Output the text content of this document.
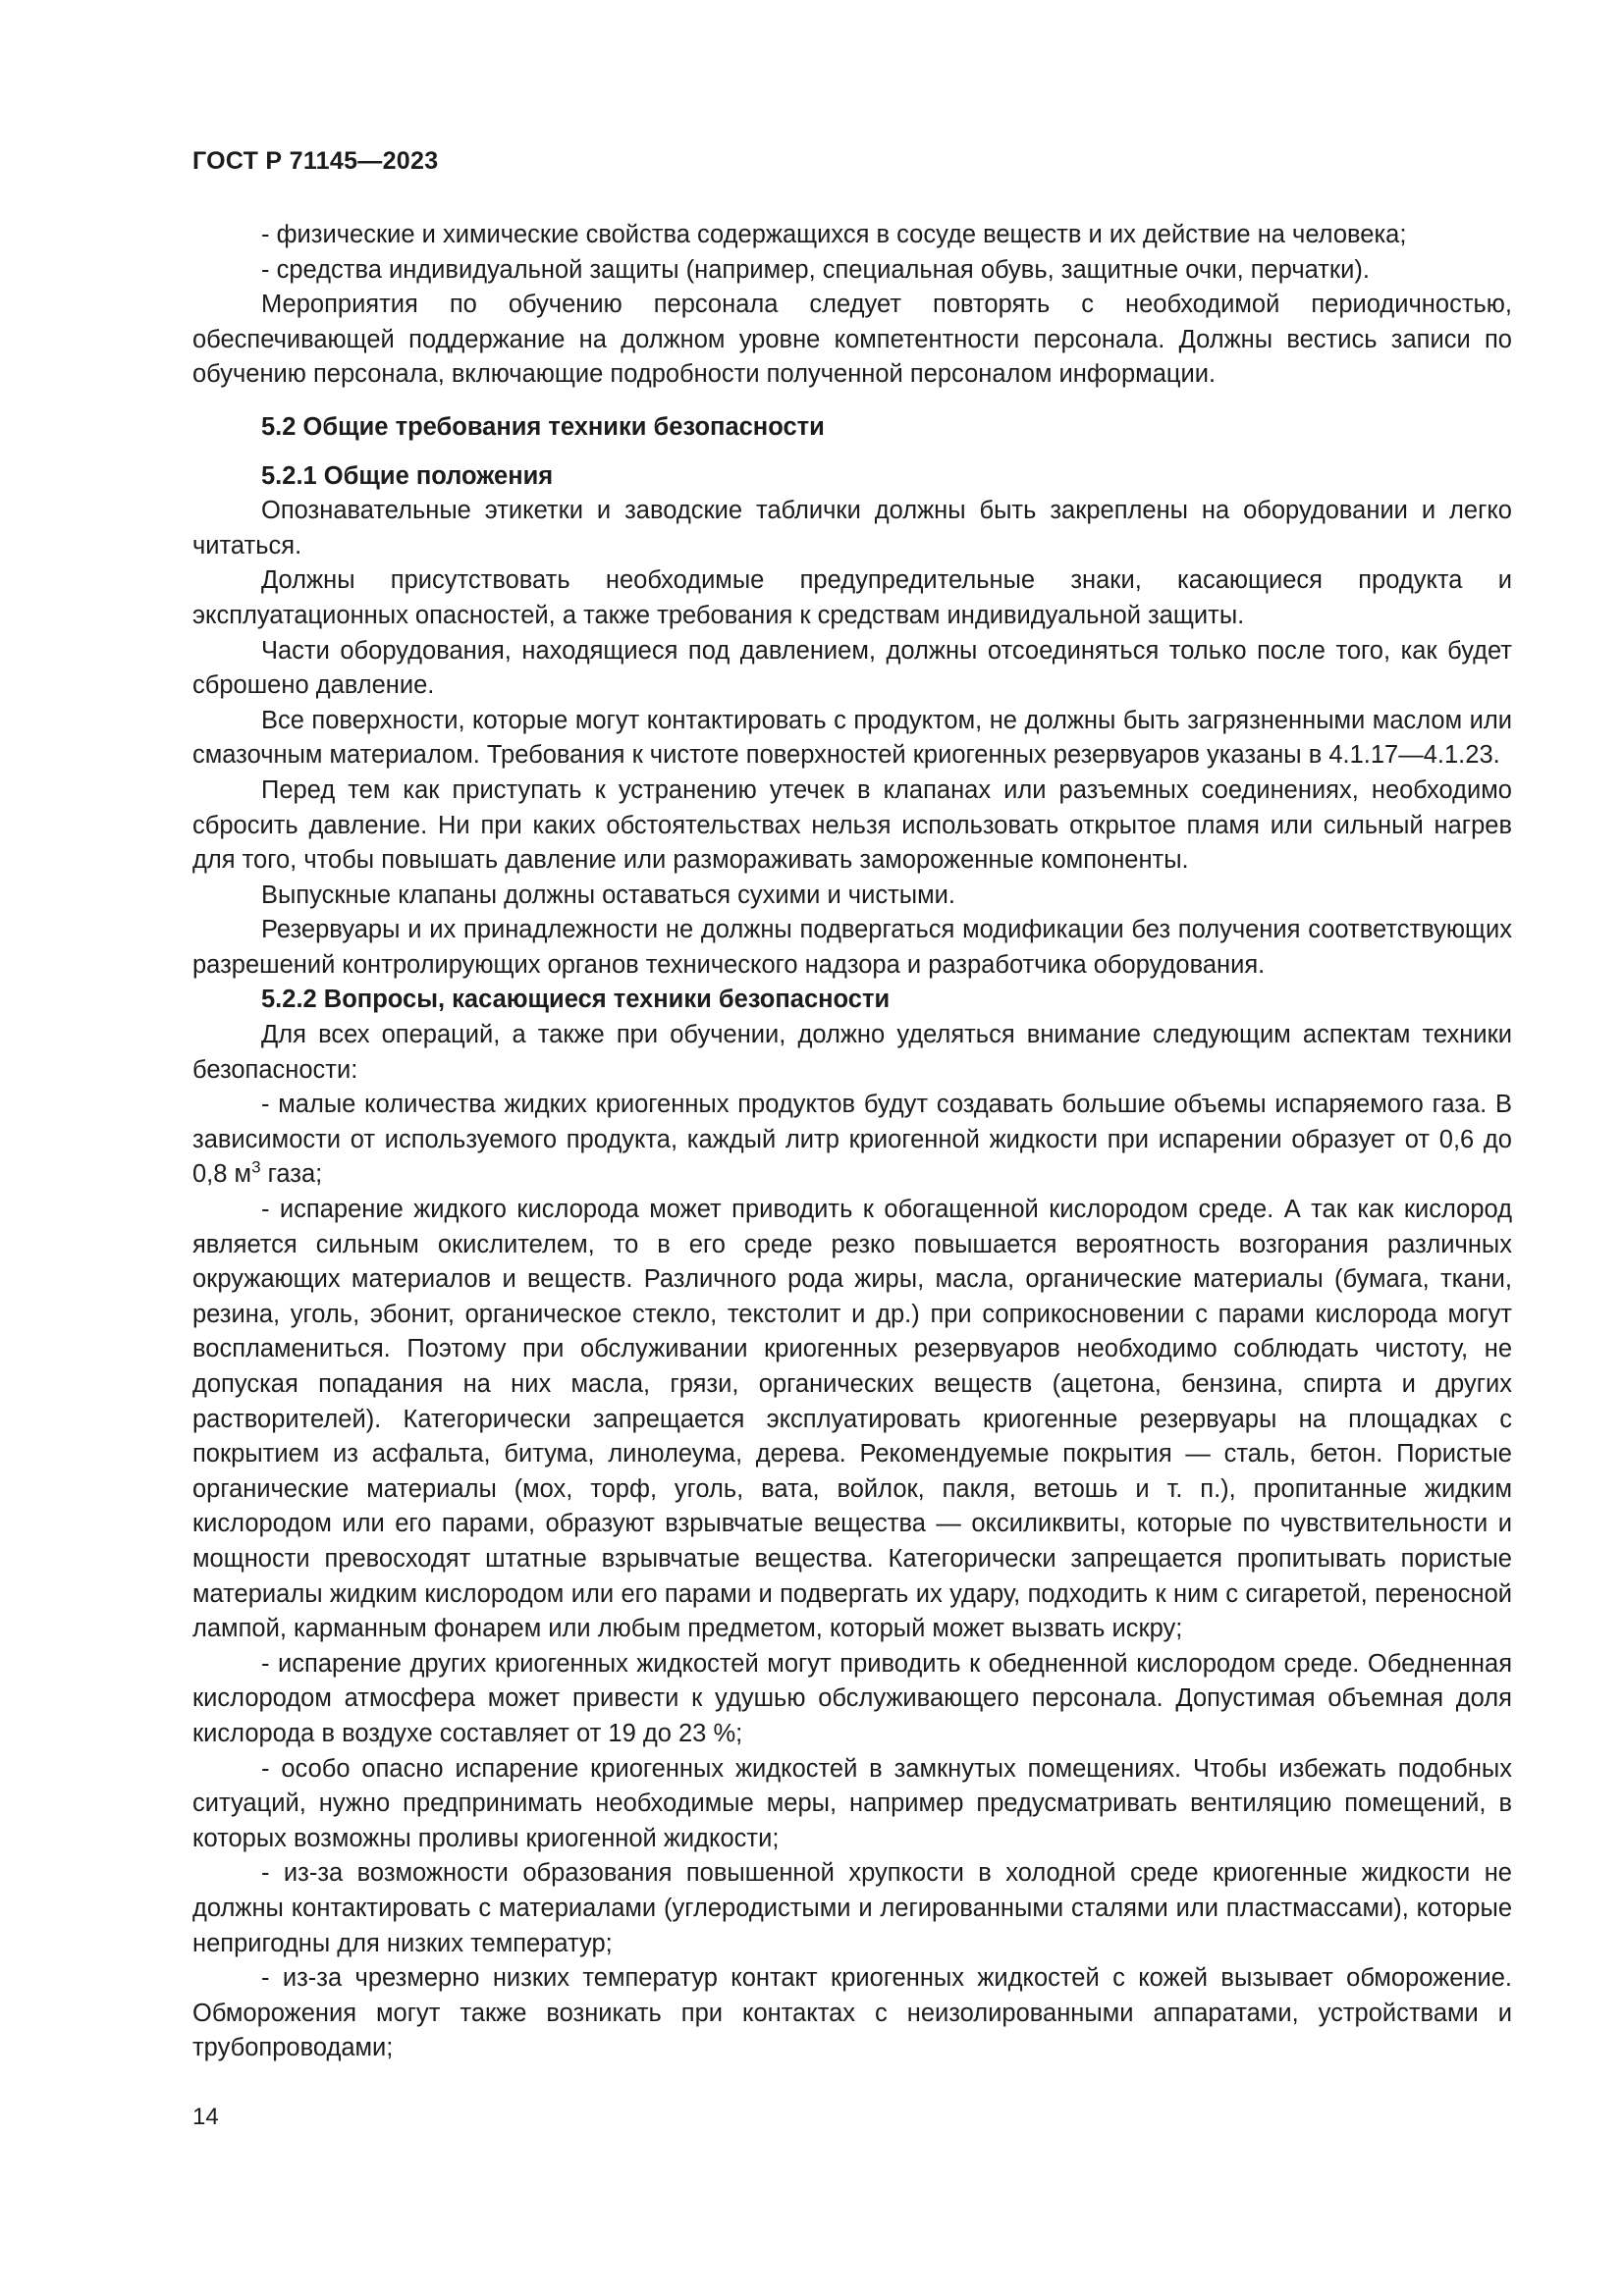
ГОСТ Р 71145—2023

- физические и химические свойства содержащихся в сосуде веществ и их действие на человека;

- средства индивидуальной защиты (например, специальная обувь, защитные очки, перчатки).

Мероприятия по обучению персонала следует повторять с необходимой периодичностью, обеспечивающей поддержание на должном уровне компетентности персонала. Должны вестись записи по обучению персонала, включающие подробности полученной персоналом информации.

5.2 Общие требования техники безопасности

5.2.1 Общие положения

Опознавательные этикетки и заводские таблички должны быть закреплены на оборудовании и легко читаться.

Должны присутствовать необходимые предупредительные знаки, касающиеся продукта и эксплуатационных опасностей, а также требования к средствам индивидуальной защиты.

Части оборудования, находящиеся под давлением, должны отсоединяться только после того, как будет сброшено давление.

Все поверхности, которые могут контактировать с продуктом, не должны быть загрязненными маслом или смазочным материалом. Требования к чистоте поверхностей криогенных резервуаров указаны в 4.1.17—4.1.23.

Перед тем как приступать к устранению утечек в клапанах или разъемных соединениях, необходимо сбросить давление. Ни при каких обстоятельствах нельзя использовать открытое пламя или сильный нагрев для того, чтобы повышать давление или размораживать замороженные компоненты.

Выпускные клапаны должны оставаться сухими и чистыми.

Резервуары и их принадлежности не должны подвергаться модификации без получения соответствующих разрешений контролирующих органов технического надзора и разработчика оборудования.

5.2.2 Вопросы, касающиеся техники безопасности

Для всех операций, а также при обучении, должно уделяться внимание следующим аспектам техники безопасности:

- малые количества жидких криогенных продуктов будут создавать большие объемы испаряемого газа. В зависимости от используемого продукта, каждый литр криогенной жидкости при испарении образует от 0,6 до 0,8 $м^3$ газа;

- испарение жидкого кислорода может приводить к обогащенной кислородом среде. А так как кислород является сильным окислителем, то в его среде резко повышается вероятность возгорания различных окружающих материалов и веществ. Различного рода жиры, масла, органические материалы (бумага, ткани, резина, уголь, эбонит, органическое стекло, текстолит и др.) при соприкосновении с парами кислорода могут воспламениться. Поэтому при обслуживании криогенных резервуаров необходимо соблюдать чистоту, не допуская попадания на них масла, грязи, органических веществ (ацетона, бензина, спирта и других растворителей). Категорически запрещается эксплуатировать криогенные резервуары на площадках с покрытием из асфальта, битума, линолеума, дерева. Рекомендуемые покрытия — сталь, бетон. Пористые органические материалы (мох, торф, уголь, вата, войлок, пакля, ветошь и т. п.), пропитанные жидким кислородом или его парами, образуют взрывчатые вещества — оксиликвиты, которые по чувствительности и мощности превосходят штатные взрывчатые вещества. Категорически запрещается пропитывать пористые материалы жидким кислородом или его парами и подвергать их удару, подходить к ним с сигаретой, переносной лампой, карманным фонарем или любым предметом, который может вызвать искру;

- испарение других криогенных жидкостей могут приводить к обедненной кислородом среде. Обедненная кислородом атмосфера может привести к удушью обслуживающего персонала. Допустимая объемная доля кислорода в воздухе составляет от 19 до 23 %;

- особо опасно испарение криогенных жидкостей в замкнутых помещениях. Чтобы избежать подобных ситуаций, нужно предпринимать необходимые меры, например предусматривать вентиляцию помещений, в которых возможны проливы криогенной жидкости;

- из-за возможности образования повышенной хрупкости в холодной среде криогенные жидкости не должны контактировать с материалами (углеродистыми и легированными сталями или пластмассами), которые непригодны для низких температур;

- из-за чрезмерно низких температур контакт криогенных жидкостей с кожей вызывает обморожение. Обморожения могут также возникать при контактах с неизолированными аппаратами, устройствами и трубопроводами;

14
